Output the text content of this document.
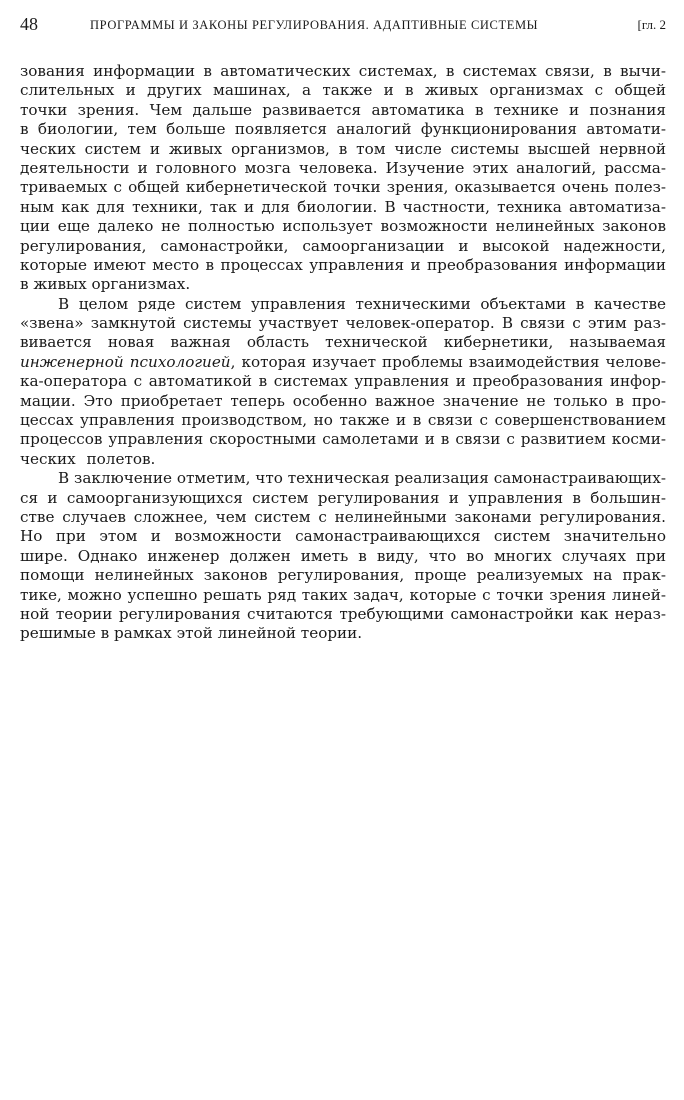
48	ПРОГРАММЫ И ЗАКОНЫ РЕГУЛИРОВАНИЯ. АДАПТИВНЫЕ СИСТЕМЫ	[гл. 2
зования информации в автоматических системах, в системах связи, в вычи-
слительных и других машинах, а также и в живых организмах с общей
точки зрения. Чем дальше развивается автоматика в технике и познания
в биологии, тем больше появляется аналогий функционирования автомати-
ческих систем и живых организмов, в том числе системы высшей нервной
деятельности и головного мозга человека. Изучение этих аналогий, рассма-
триваемых с общей кибернетической точки зрения, оказывается очень полез-
ным как для техники, так и для биологии. В частности, техника автоматиза-
ции еще далеко не полностью использует возможности нелинейных законов
регулирования, самонастройки, самоорганизации и высокой надежности,
которые имеют место в процессах управления и преобразования информации
в живых организмах.
В целом ряде систем управления техническими объектами в качестве
«звена» замкнутой системы участвует человек-оператор. В связи с этим раз-
вивается новая важная область технической кибернетики, называемая
инженерной психологией, которая изучает проблемы взаимодействия челове-
ка-оператора с автоматикой в системах управления и преобразования инфор-
мации. Это приобретает теперь особенно важное значение не только в про-
цессах управления производством, но также и в связи с совершенствованием
процессов управления скоростными самолетами и в связи с развитием косми-
ческих полетов.
В заключение отметим, что техническая реализация самонастраивающих-
ся и самоорганизующихся систем регулирования и управления в большин-
стве случаев сложнее, чем систем с нелинейными законами регулирования.
Но при этом и возможности самонастраивающихся систем значительно
шире. Однако инженер должен иметь в виду, что во многих случаях при
помощи нелинейных законов регулирования, проще реализуемых на прак-
тике, можно успешно решать ряд таких задач, которые с точки зрения линей-
ной теории регулирования считаются требующими самонастройки как нераз-
решимые в рамках этой линейной теории.
